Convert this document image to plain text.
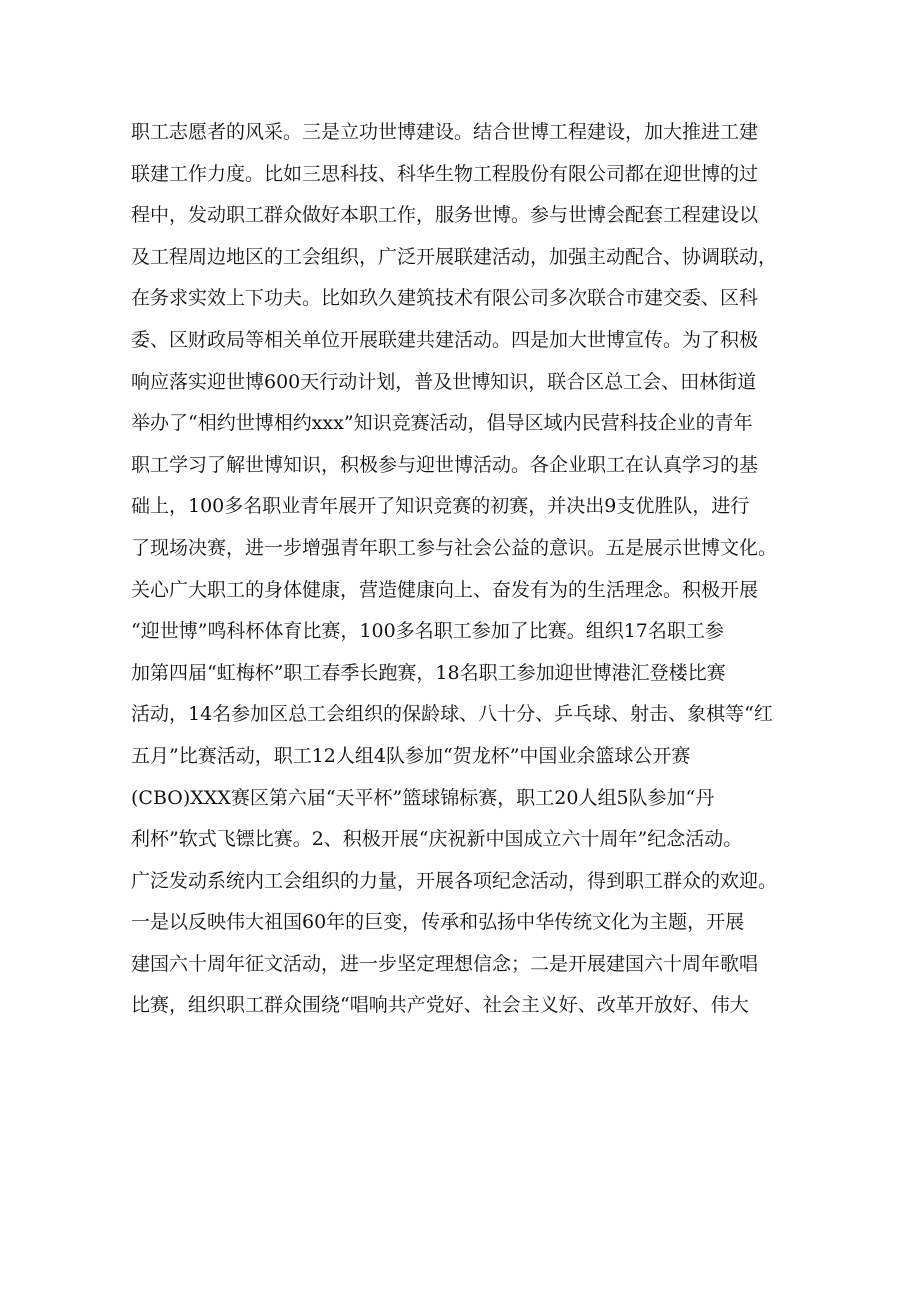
职工志愿者的风采。三是立功世博建设。结合世博工程建设，加大推进工建
联建工作力度。比如三思科技、科华生物工程股份有限公司都在迎世博的过
程中，发动职工群众做好本职工作，服务世博。参与世博会配套工程建设以
及工程周边地区的工会组织，广泛开展联建活动，加强主动配合、协调联动，
在务求实效上下功夫。比如玖久建筑技术有限公司多次联合市建交委、区科
委、区财政局等相关单位开展联建共建活动。四是加大世博宣传。为了积极
响应落实迎世博600天行动计划，普及世博知识，联合区总工会、田林街道
举办了“相约世博相约xxx”知识竞赛活动，倡导区域内民营科技企业的青年
职工学习了解世博知识，积极参与迎世博活动。各企业职工在认真学习的基
础上，100多名职业青年展开了知识竞赛的初赛，并决出9支优胜队，进行
了现场决赛，进一步增强青年职工参与社会公益的意识。五是展示世博文化。
关心广大职工的身体健康，营造健康向上、奋发有为的生活理念。积极开展
“迎世博”鸣科杯体育比赛，100多名职工参加了比赛。组织17名职工参
加第四届“虹梅杯”职工春季长跑赛，18名职工参加迎世博港汇登楼比赛
活动，14名参加区总工会组织的保龄球、八十分、乒乓球、射击、象棋等“红
五月”比赛活动，职工12人组4队参加“贺龙杯”中国业余篮球公开赛
(CBO)XXX赛区第六届“天平杯”篮球锦标赛，职工20人组5队参加“丹
利杯”软式飞镖比赛。2、积极开展“庆祝新中国成立六十周年”纪念活动。
广泛发动系统内工会组织的力量，开展各项纪念活动，得到职工群众的欢迎。
一是以反映伟大祖国60年的巨变，传承和弘扬中华传统文化为主题，开展
建国六十周年征文活动，进一步坚定理想信念；二是开展建国六十周年歌唱
比赛，组织职工群众围绕“唱响共产党好、社会主义好、改革开放好、伟大
